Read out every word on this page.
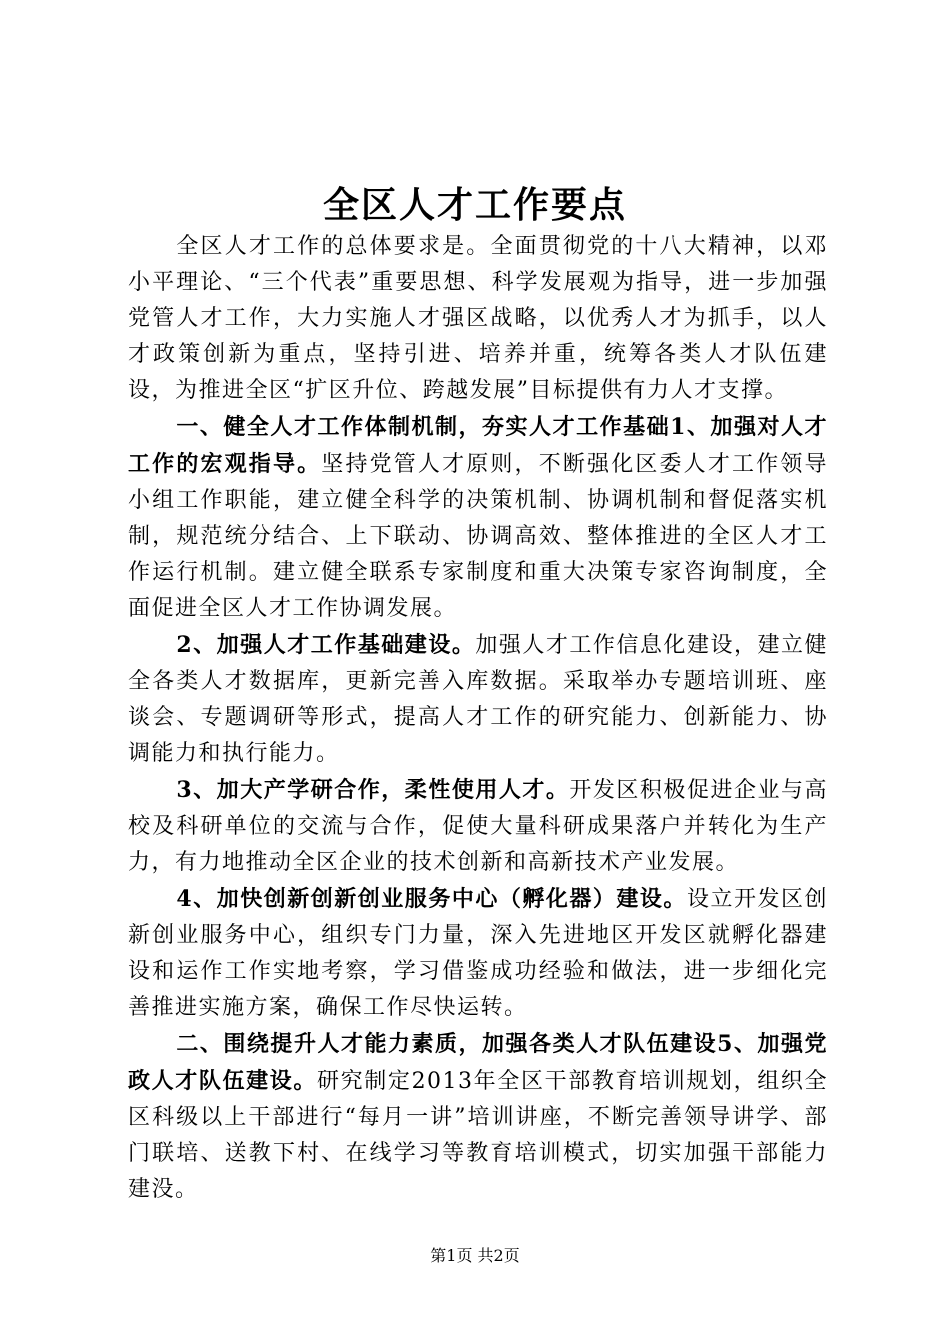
全区人才工作要点

全区人才工作的总体要求是。全面贯彻党的十八大精神，以邓小平理论、“三个代表”重要思想、科学发展观为指导，进一步加强党管人才工作，大力实施人才强区战略，以优秀人才为抓手，以人才政策创新为重点，坚持引进、培养并重，统筹各类人才队伍建设，为推进全区“扩区升位、跨越发展”目标提供有力人才支撑。

一、健全人才工作体制机制，夯实人才工作基础1、加强对人才工作的宏观指导。坚持党管人才原则，不断强化区委人才工作领导小组工作职能，建立健全科学的决策机制、协调机制和督促落实机制，规范统分结合、上下联动、协调高效、整体推进的全区人才工作运行机制。建立健全联系专家制度和重大决策专家咨询制度，全面促进全区人才工作协调发展。

2、加强人才工作基础建设。加强人才工作信息化建设，建立健全各类人才数据库，更新完善入库数据。采取举办专题培训班、座谈会、专题调研等形式，提高人才工作的研究能力、创新能力、协调能力和执行能力。

3、加大产学研合作，柔性使用人才。开发区积极促进企业与高校及科研单位的交流与合作，促使大量科研成果落户并转化为生产力，有力地推动全区企业的技术创新和高新技术产业发展。

4、加快创新创新创业服务中心（孵化器）建设。设立开发区创新创业服务中心，组织专门力量，深入先进地区开发区就孵化器建设和运作工作实地考察，学习借鉴成功经验和做法，进一步细化完善推进实施方案，确保工作尽快运转。

二、围绕提升人才能力素质，加强各类人才队伍建设5、加强党政人才队伍建设。研究制定2013年全区干部教育培训规划，组织全区科级以上干部进行“每月一讲”培训讲座，不断完善领导讲学、部门联培、送教下村、在线学习等教育培训模式，切实加强干部能力建没。

第1页 共2页
